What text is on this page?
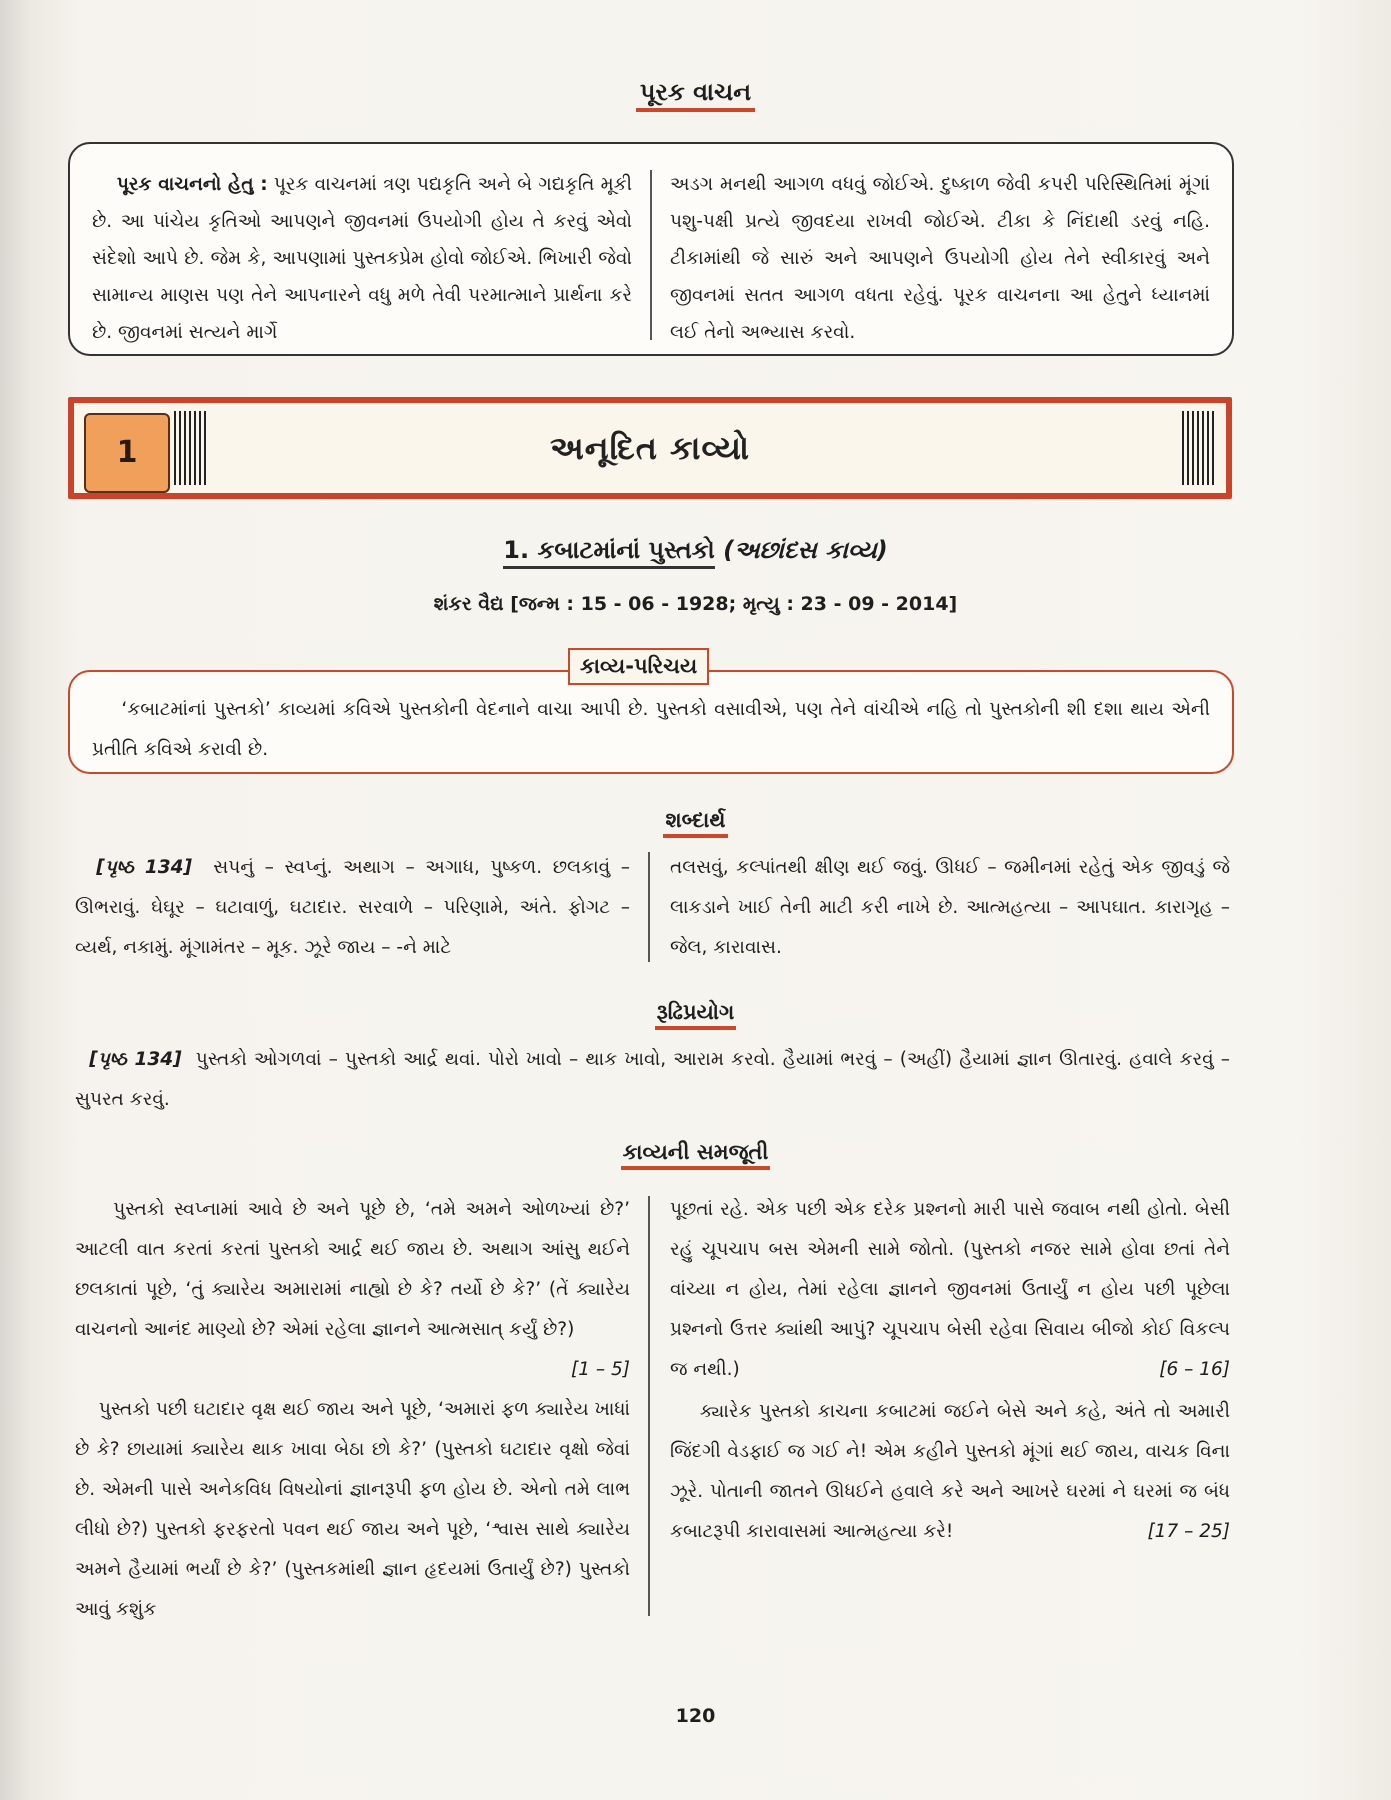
પૂરક વાચન
પૂરક વાચનનો હેતુ : પૂરક વાચનમાં ત્રણ પદ્યકૃતિ અને બે ગદ્યકૃતિ મૂકી છે. આ પાંચેય કૃતિઓ આપણને જીવનમાં ઉપયોગી હોય તે કરવું એવો સંદેશો આપે છે. જેમ કે, આપણામાં પુસ્તકપ્રેમ હોવો જોઈએ. ભિખારી જેવો સામાન્ય માણસ પણ તેને આપનારને વધુ મળે તેવી પરમાત્માને પ્રાર્થના કરે છે. જીવનમાં સત્યને માર્ગે
અડગ મનથી આગળ વધવું જોઈએ. દુષ્કાળ જેવી કપરી પરિસ્થિતિમાં મૂંગાં પશુ-પક્ષી પ્રત્યે જીવદયા રાખવી જોઈએ. ટીકા કે નિંદાથી ડરવું નહિ. ટીકામાંથી જે સારું અને આપણને ઉપયોગી હોય તેને સ્વીકારવું અને જીવનમાં સતત આગળ વધતા રહેવું. પૂરક વાચનના આ હેતુને ધ્યાનમાં લઈ તેનો અભ્યાસ કરવો.
1	અનૂદિત કાવ્યો
1. કબાટમાંનાં પુસ્તકો (અછાંદસ કાવ્ય)
શંકર વૈદ્ય [જન્મ : 15 - 06 - 1928; મૃત્યુ : 23 - 09 - 2014]
‘કબાટમાંનાં પુસ્તકો’ કાવ્યમાં કવિએ પુસ્તકોની વેદનાને વાચા આપી છે. પુસ્તકો વસાવીએ, પણ તેને વાંચીએ નહિ તો પુસ્તકોની શી દશા થાય એની પ્રતીતિ કવિએ કરાવી છે.
કાવ્ય-પરિચય
શબ્દાર્થ
[પૃષ્ઠ 134] સપનું – સ્વપ્નું. અથાગ – અગાધ, પુષ્કળ. છલકાવું – ઊભરાવું. ઘેઘૂર – ઘટાવાળું, ઘટાદાર. સરવાળે – પરિણામે, અંતે. ફોગટ – વ્યર્થ, નકામું. મૂંગામંતર – મૂક. ઝૂરે જાય – -ને માટે
તલસવું, કલ્પાંતથી ક્ષીણ થઈ જવું. ઊધઈ – જમીનમાં રહેતું એક જીવડું જે લાકડાને ખાઈ તેની માટી કરી નાખે છે. આત્મહત્યા – આપઘાત. કારાગૃહ – જેલ, કારાવાસ.
રૂઢિપ્રયોગ
[પૃષ્ઠ 134] પુસ્તકો ઓગળવાં – પુસ્તકો આર્દ્ર થવાં. પોરો ખાવો – થાક ખાવો, આરામ કરવો. હૈયામાં ભરવું – (અહીં) હૈયામાં જ્ઞાન ઊતારવું. હવાલે કરવું – સુપરત કરવું.
કાવ્યની સમજૂતી
પુસ્તકો સ્વપ્નામાં આવે છે અને પૂછે છે, ‘તમે અમને ઓળખ્યાં છે?’ આટલી વાત કરતાં કરતાં પુસ્તકો આર્દ્ર થઈ જાય છે. અથાગ આંસુ થઈને છલકાતાં પૂછે, ‘તું ક્યારેય અમારામાં નાહ્યો છે કે? તર્યો છે કે?’ (તેં ક્યારેય વાચનનો આનંદ માણ્યો છે? એમાં રહેલા જ્ઞાનને આત્મસાત્ કર્યું છે?)
[1 – 5]
પુસ્તકો પછી ઘટાદાર વૃક્ષ થઈ જાય અને પૂછે, ‘અમારાં ફળ ક્યારેય ખાધાં છે કે? છાયામાં ક્યારેય થાક ખાવા બેઠા છો કે?’ (પુસ્તકો ઘટાદાર વૃક્ષો જેવાં છે. એમની પાસે અનેકવિધ વિષયોનાં જ્ઞાનરૂપી ફળ હોય છે. એનો તમે લાભ લીધો છે?) પુસ્તકો ફરફરતો પવન થઈ જાય અને પૂછે, ‘શ્વાસ સાથે ક્યારેય અમને હૈયામાં ભર્યાં છે કે?’ (પુસ્તકમાંથી જ્ઞાન હૃદયમાં ઉતાર્યું છે?) પુસ્તકો આવું કશુંક
પૂછતાં રહે. એક પછી એક દરેક પ્રશ્નનો મારી પાસે જવાબ નથી હોતો. બેસી રહું ચૂપચાપ બસ એમની સામે જોતો. (પુસ્તકો નજર સામે હોવા છતાં તેને વાંચ્યા ન હોય, તેમાં રહેલા જ્ઞાનને જીવનમાં ઉતાર્યું ન હોય પછી પૂછેલા પ્રશ્નનો ઉત્તર ક્યાંથી આપું? ચૂપચાપ બેસી રહેવા સિવાય બીજો કોઈ વિકલ્પ જ નથી.)	[6 – 16]
ક્યારેક પુસ્તકો કાચના કબાટમાં જઈને બેસે અને કહે, અંતે તો અમારી જિંદગી વેડફાઈ જ ગઈ ને! એમ કહીને પુસ્તકો મૂંગાં થઈ જાય, વાચક વિના ઝૂરે. પોતાની જાતને ઊધઈને હવાલે કરે અને આખરે ઘરમાં ને ઘરમાં જ બંધ કબાટરૂપી કારાવાસમાં આત્મહત્યા કરે!	[17 – 25]
120
